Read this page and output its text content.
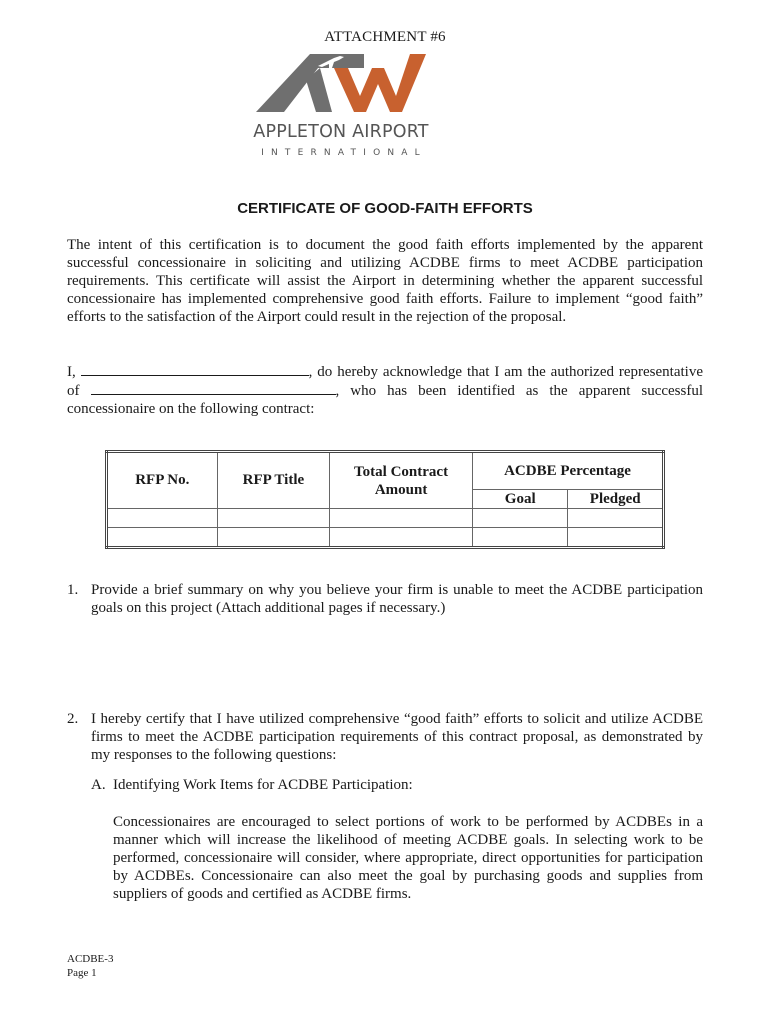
ATTACHMENT #6
APPLETON AIRPORT
INTERNATIONAL
CERTIFICATE OF GOOD-FAITH EFFORTS
The intent of this certification is to document the good faith efforts implemented by the apparent successful concessionaire in soliciting and utilizing ACDBE firms to meet ACDBE participation requirements. This certificate will assist the Airport in determining whether the apparent successful concessionaire has implemented comprehensive good faith efforts. Failure to implement “good faith” efforts to the satisfaction of the Airport could result in the rejection of the proposal.
I,	, do hereby acknowledge that I am the authorized representative
of	, who has been identified as the apparent successful
concessionaire on the following contract:
RFP No.	RFP Title	Total Contract Amount	ACDBE Percentage	
			Goal	Pledged

1. Provide a brief summary on why you believe your firm is unable to meet the ACDBE participation goals on this project (Attach additional pages if necessary.)
2. I hereby certify that I have utilized comprehensive “good faith” efforts to solicit and utilize ACDBE firms to meet the ACDBE participation requirements of this contract proposal, as demonstrated by my responses to the following questions:
A. Identifying Work Items for ACDBE Participation:
Concessionaires are encouraged to select portions of work to be performed by ACDBEs in a manner which will increase the likelihood of meeting ACDBE goals. In selecting work to be performed, concessionaire will consider, where appropriate, direct opportunities for participation by ACDBEs. Concessionaire can also meet the goal by purchasing goods and supplies from suppliers of goods and certified as ACDBE firms.
ACDBE-3
Page 1
